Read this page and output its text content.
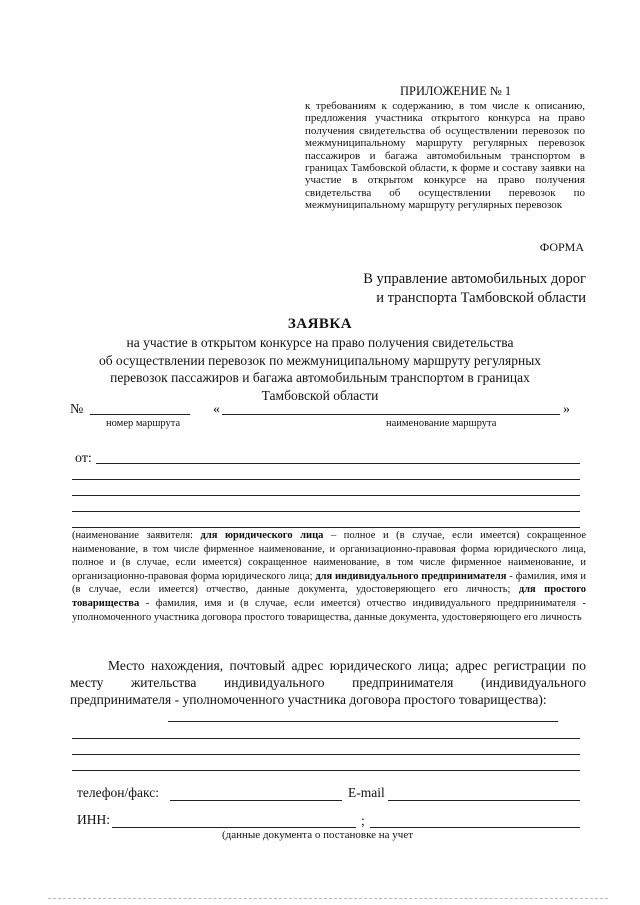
ПРИЛОЖЕНИЕ № 1
к требованиям к содержанию, в том числе к описанию, предложения участника открытого конкурса на право получения свидетельства об осуществлении перевозок по межмуниципальному маршруту регулярных перевозок пассажиров и багажа автомобильным транспортом в границах Тамбовской области, к форме и составу заявки на участие в открытом конкурсе на право получения свидетельства об осуществлении перевозок по межмуниципальному маршруту регулярных перевозок
ФОРМА
В управление автомобильных дорог
и транспорта Тамбовской области
ЗАЯВКА
на участие в открытом конкурсе на право получения свидетельства
об осуществлении перевозок по межмуниципальному маршруту регулярных
перевозок пассажиров и багажа автомобильным транспортом в границах
Тамбовской области
№	«	»
номер маршрута	наименование маршрута
от:
(наименование заявителя: для юридического лица – полное и (в случае, если имеется) сокращенное наименование, в том числе фирменное наименование, и организационно-правовая форма юридического лица, полное и (в случае, если имеется) сокращенное наименование, в том числе фирменное наименование, и организационно-правовая форма юридического лица; для индивидуального предпринимателя - фамилия, имя и (в случае, если имеется) отчество, данные документа, удостоверяющего его личность; для простого товарищества - фамилия, имя и (в случае, если имеется) отчество индивидуального предпринимателя - уполномоченного участника договора простого товарищества, данные документа, удостоверяющего его личность
Место нахождения, почтовый адрес юридического лица; адрес регистрации по месту жительства индивидуального предпринимателя (индивидуального предпринимателя - уполномоченного участника договора простого товарищества):
телефон/факс:	E-mail
ИНН:	;
(данные документа о постановке на учет
